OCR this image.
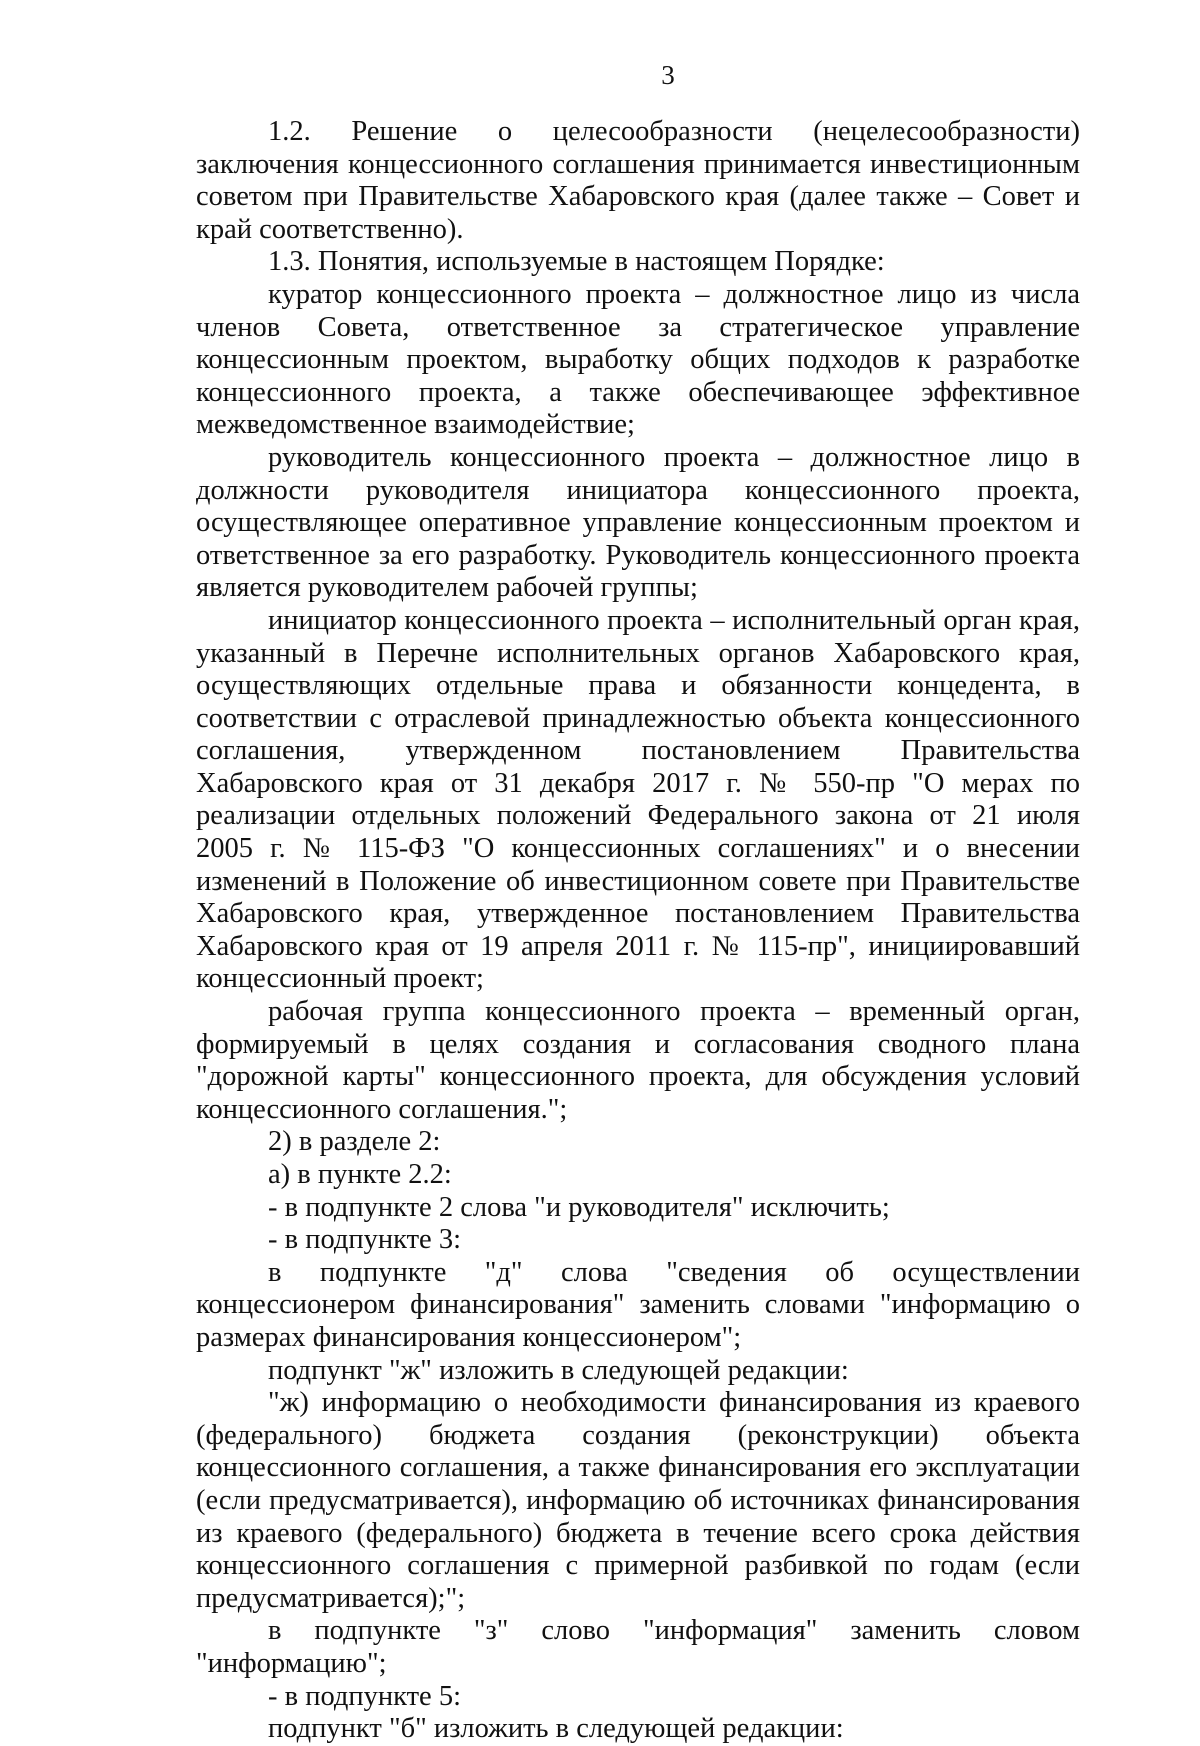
3

1.2. Решение о целесообразности (нецелесообразности) заключения концессионного соглашения принимается инвестиционным советом при Правительстве Хабаровского края (далее также – Совет и край соответственно).

1.3. Понятия, используемые в настоящем Порядке:

куратор концессионного проекта – должностное лицо из числа членов Совета, ответственное за стратегическое управление концессионным проектом, выработку общих подходов к разработке концессионного проекта, а также обеспечивающее эффективное межведомственное взаимодействие;

руководитель концессионного проекта – должностное лицо в должности руководителя инициатора концессионного проекта, осуществляющее оперативное управление концессионным проектом и ответственное за его разработку. Руководитель концессионного проекта является руководителем рабочей группы;

инициатор концессионного проекта – исполнительный орган края, указанный в Перечне исполнительных органов Хабаровского края, осуществляющих отдельные права и обязанности концедента, в соответствии с отраслевой принадлежностью объекта концессионного соглашения, утвержденном постановлением Правительства Хабаровского края от 31 декабря 2017 г. № 550-пр "О мерах по реализации отдельных положений Федерального закона от 21 июля 2005 г. № 115-ФЗ "О концессионных соглашениях" и о внесении изменений в Положение об инвестиционном совете при Правительстве Хабаровского края, утвержденное постановлением Правительства Хабаровского края от 19 апреля 2011 г. № 115-пр", инициировавший концессионный проект;

рабочая группа концессионного проекта – временный орган, формируемый в целях создания и согласования сводного плана "дорожной карты" концессионного проекта, для обсуждения условий концессионного соглашения.";

2) в разделе 2:

а) в пункте 2.2:

- в подпункте 2 слова "и руководителя" исключить;

- в подпункте 3:

в подпункте "д" слова "сведения об осуществлении концессионером финансирования" заменить словами "информацию о размерах финансирования концессионером";

подпункт "ж" изложить в следующей редакции:

"ж) информацию о необходимости финансирования из краевого (федерального) бюджета создания (реконструкции) объекта концессионного соглашения, а также финансирования его эксплуатации (если предусматривается), информацию об источниках финансирования из краевого (федерального) бюджета в течение всего срока действия концессионного соглашения с примерной разбивкой по годам (если предусматривается);";

в подпункте "з" слово "информация" заменить словом "информацию";

- в подпункте 5:

подпункт "б" изложить в следующей редакции:
